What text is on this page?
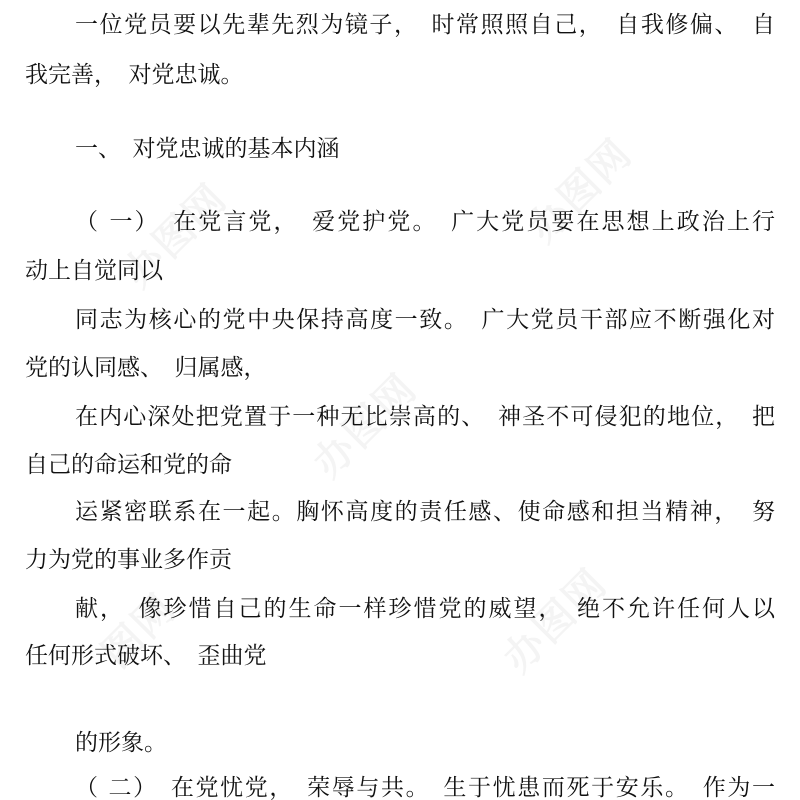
一位党员要以先辈先烈为镜子，　时常照照自己，　自我修偏、　自
我完善，　对党忠诚。
一、　对党忠诚的基本内涵
（ 一）　在党言党，　爱党护党。　广大党员要在思想上政治上行
动上自觉同以
同志为核心的党中央保持高度一致。　广大党员干部应不断强化对
党的认同感、　归属感，
在内心深处把党置于一种无比崇高的、　神圣不可侵犯的地位，　把
自己的命运和党的命
运紧密联系在一起。胸怀高度的责任感、使命感和担当精神，　努
力为党的事业多作贡
献，　像珍惜自己的生命一样珍惜党的威望，　绝不允许任何人以
任何形式破坏、　歪曲党
的形象。
（ 二）　在党忧党，　荣辱与共。　生于忧患而死于安乐。　作为一
